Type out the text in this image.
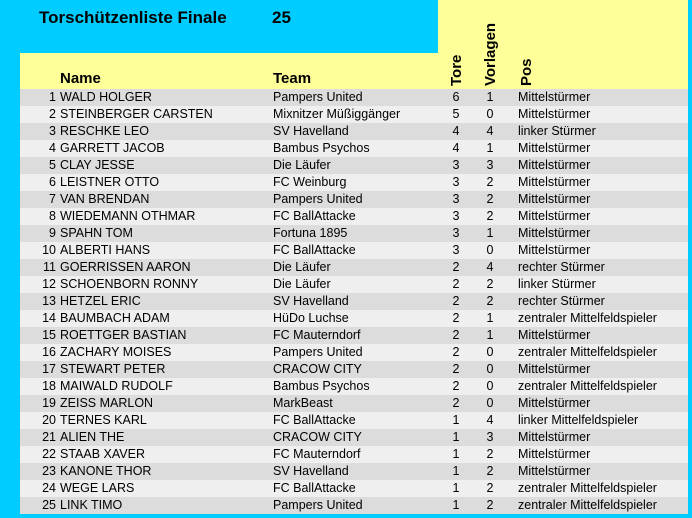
Torschützenliste Finale	25
Name	Team	Tore Vorlagen Pos
1 WALD HOLGER	Pampers United	6	1	Mittelstürmer
2 STEINBERGER CARSTEN	Mixnitzer Müßiggänger	5	0	Mittelstürmer
3 RESCHKE LEO	SV Havelland	4	4	linker Stürmer
4 GARRETT JACOB	Bambus Psychos	4	1	Mittelstürmer
5 CLAY JESSE	Die Läufer	3	3	Mittelstürmer
6 LEISTNER OTTO	FC Weinburg	3	2	Mittelstürmer
7 VAN BRENDAN	Pampers United	3	2	Mittelstürmer
8 WIEDEMANN OTHMAR	FC BallAttacke	3	2	Mittelstürmer
9 SPAHN TOM	Fortuna 1895	3	1	Mittelstürmer
10 ALBERTI HANS	FC BallAttacke	3	0	Mittelstürmer
11 GOERRISSEN AARON	Die Läufer	2	4	rechter Stürmer
12 SCHOENBORN RONNY	Die Läufer	2	2	linker Stürmer
13 HETZEL ERIC	SV Havelland	2	2	rechter Stürmer
14 BAUMBACH ADAM	HüDo Luchse	2	1	zentraler Mittelfeldspieler
15 ROETTGER BASTIAN	FC Mauterndorf	2	1	Mittelstürmer
16 ZACHARY MOISES	Pampers United	2	0	zentraler Mittelfeldspieler
17 STEWART PETER	CRACOW CITY	2	0	Mittelstürmer
18 MAIWALD RUDOLF	Bambus Psychos	2	0	zentraler Mittelfeldspieler
19 ZEISS MARLON	MarkBeast	2	0	Mittelstürmer
20 TERNES KARL	FC BallAttacke	1	4	linker Mittelfeldspieler
21 ALIEN THE	CRACOW CITY	1	3	Mittelstürmer
22 STAAB XAVER	FC Mauterndorf	1	2	Mittelstürmer
23 KANONE THOR	SV Havelland	1	2	Mittelstürmer
24 WEGE LARS	FC BallAttacke	1	2	zentraler Mittelfeldspieler
25 LINK TIMO	Pampers United	1	2	zentraler Mittelfeldspieler
